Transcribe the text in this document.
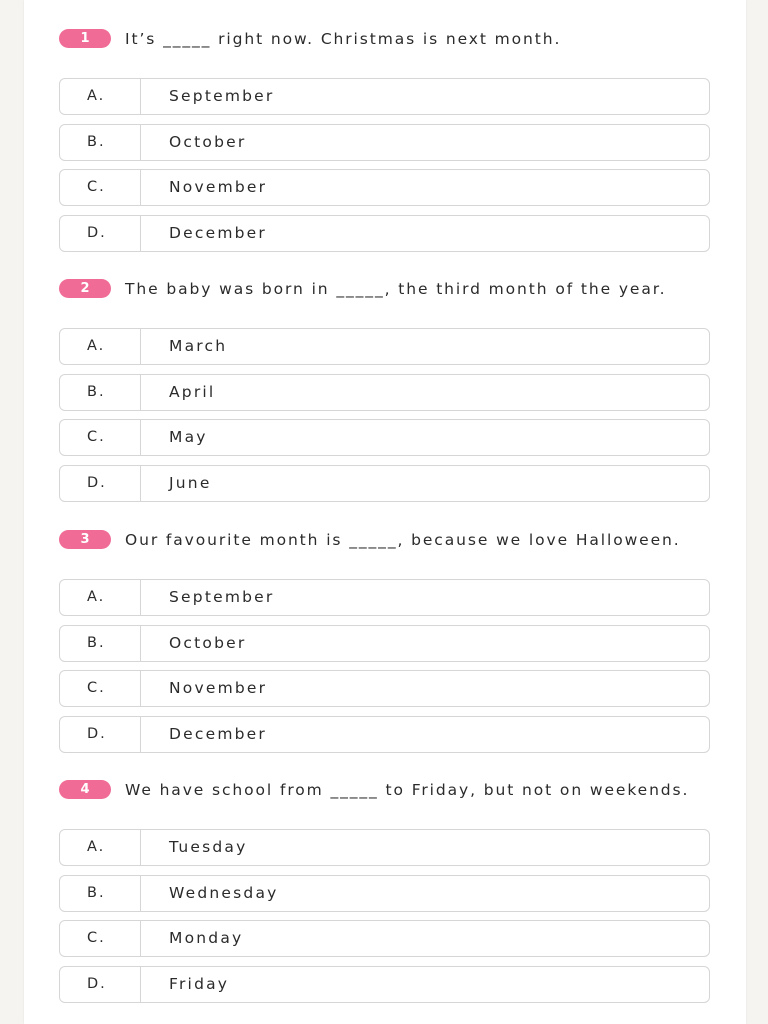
1 It’s _____ right now. Christmas is next month.

A.	September
B.	October
C.	November
D.	December

2 The baby was born in _____, the third month of the year.

A.	March
B.	April
C.	May
D.	June

3 Our favourite month is _____, because we love Halloween.

A.	September
B.	October
C.	November
D.	December

4 We have school from _____ to Friday, but not on weekends.

A.	Tuesday
B.	Wednesday
C.	Monday
D.	Friday
